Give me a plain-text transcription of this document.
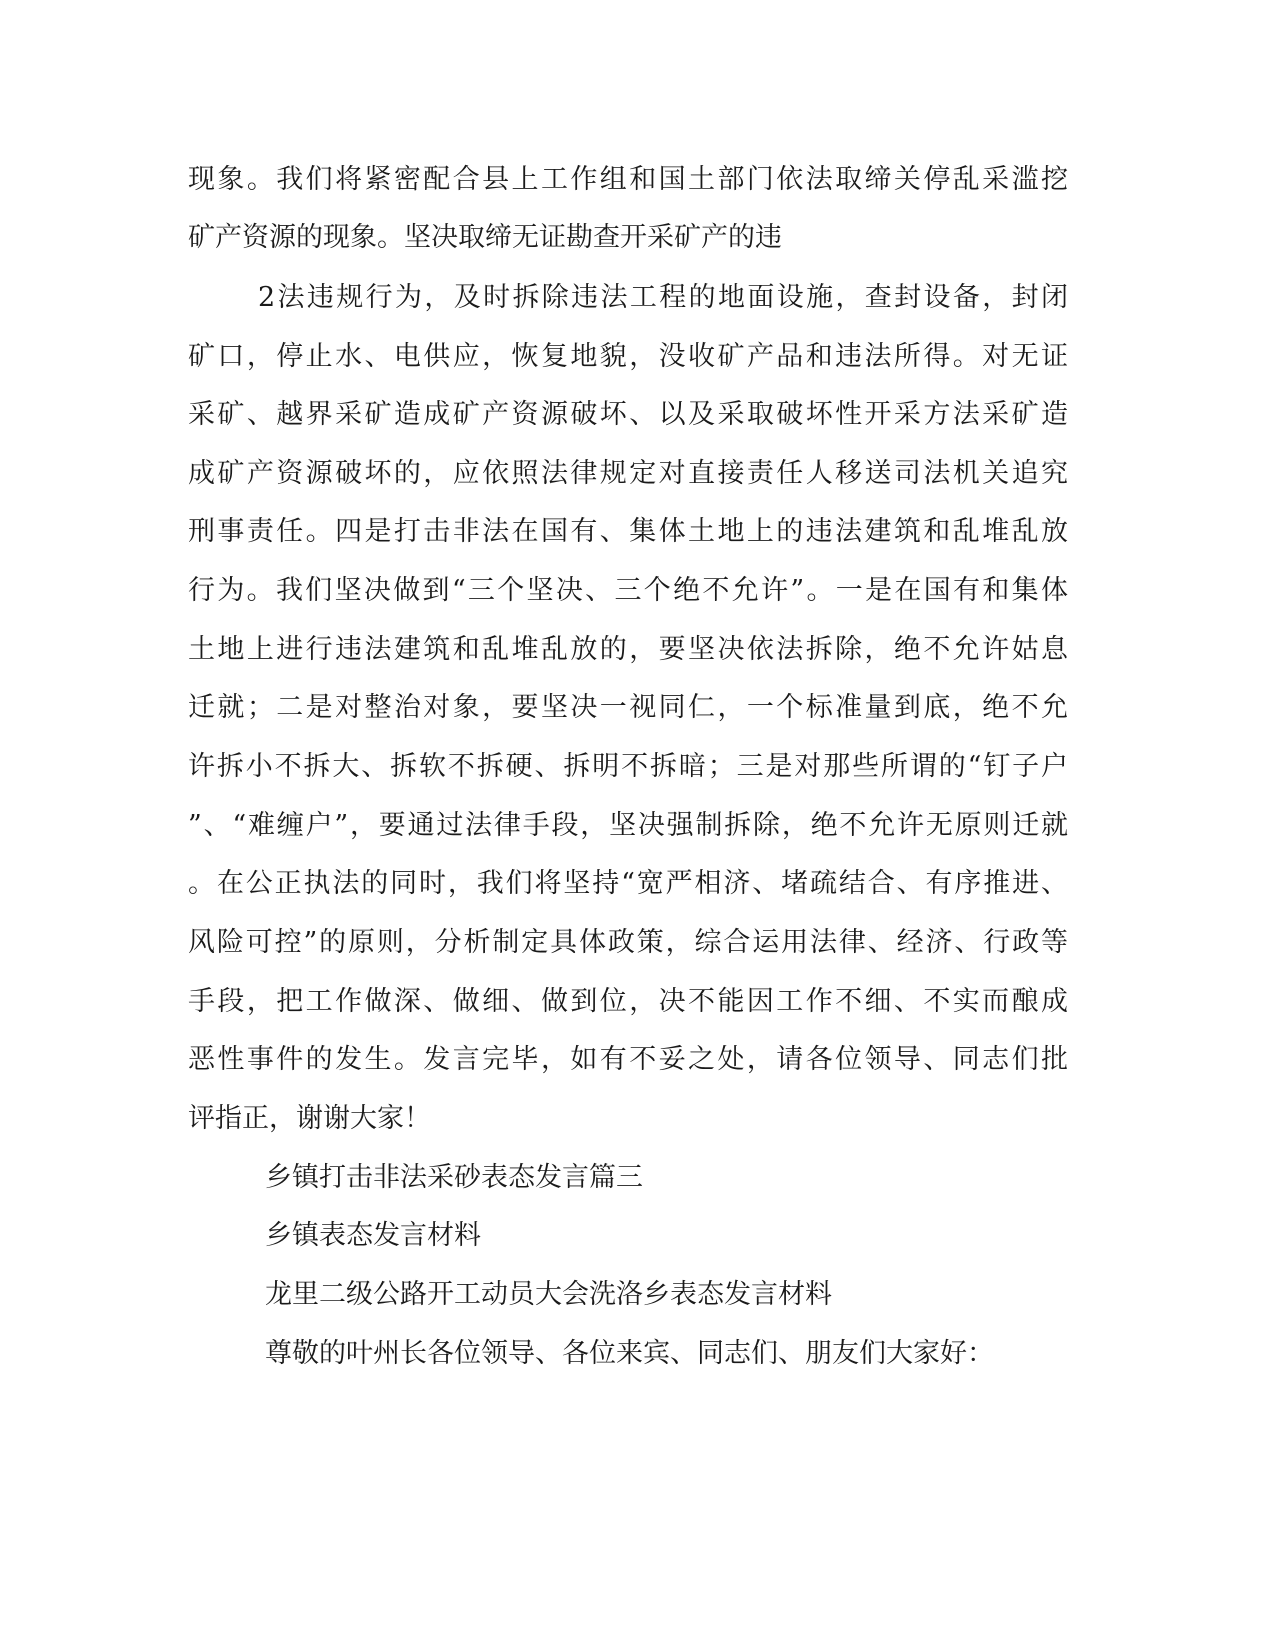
现象。我们将紧密配合县上工作组和国土部门依法取缔关停乱采滥挖
矿产资源的现象。坚决取缔无证勘查开采矿产的违
2法违规行为，及时拆除违法工程的地面设施，查封设备，封闭
矿口，停止水、电供应，恢复地貌，没收矿产品和违法所得。对无证
采矿、越界采矿造成矿产资源破坏、以及采取破坏性开采方法采矿造
成矿产资源破坏的，应依照法律规定对直接责任人移送司法机关追究
刑事责任。四是打击非法在国有、集体土地上的违法建筑和乱堆乱放
行为。我们坚决做到“三个坚决、三个绝不允许”。一是在国有和集体
土地上进行违法建筑和乱堆乱放的，要坚决依法拆除，绝不允许姑息
迁就；二是对整治对象，要坚决一视同仁，一个标准量到底，绝不允
许拆小不拆大、拆软不拆硬、拆明不拆暗；三是对那些所谓的“钉子户
”、“难缠户”，要通过法律手段，坚决强制拆除，绝不允许无原则迁就
。在公正执法的同时，我们将坚持“宽严相济、堵疏结合、有序推进、
风险可控”的原则，分析制定具体政策，综合运用法律、经济、行政等
手段，把工作做深、做细、做到位，决不能因工作不细、不实而酿成
恶性事件的发生。发言完毕，如有不妥之处，请各位领导、同志们批
评指正，谢谢大家！
乡镇打击非法采砂表态发言篇三
乡镇表态发言材料
龙里二级公路开工动员大会洗洛乡表态发言材料
尊敬的叶州长各位领导、各位来宾、同志们、朋友们大家好：
